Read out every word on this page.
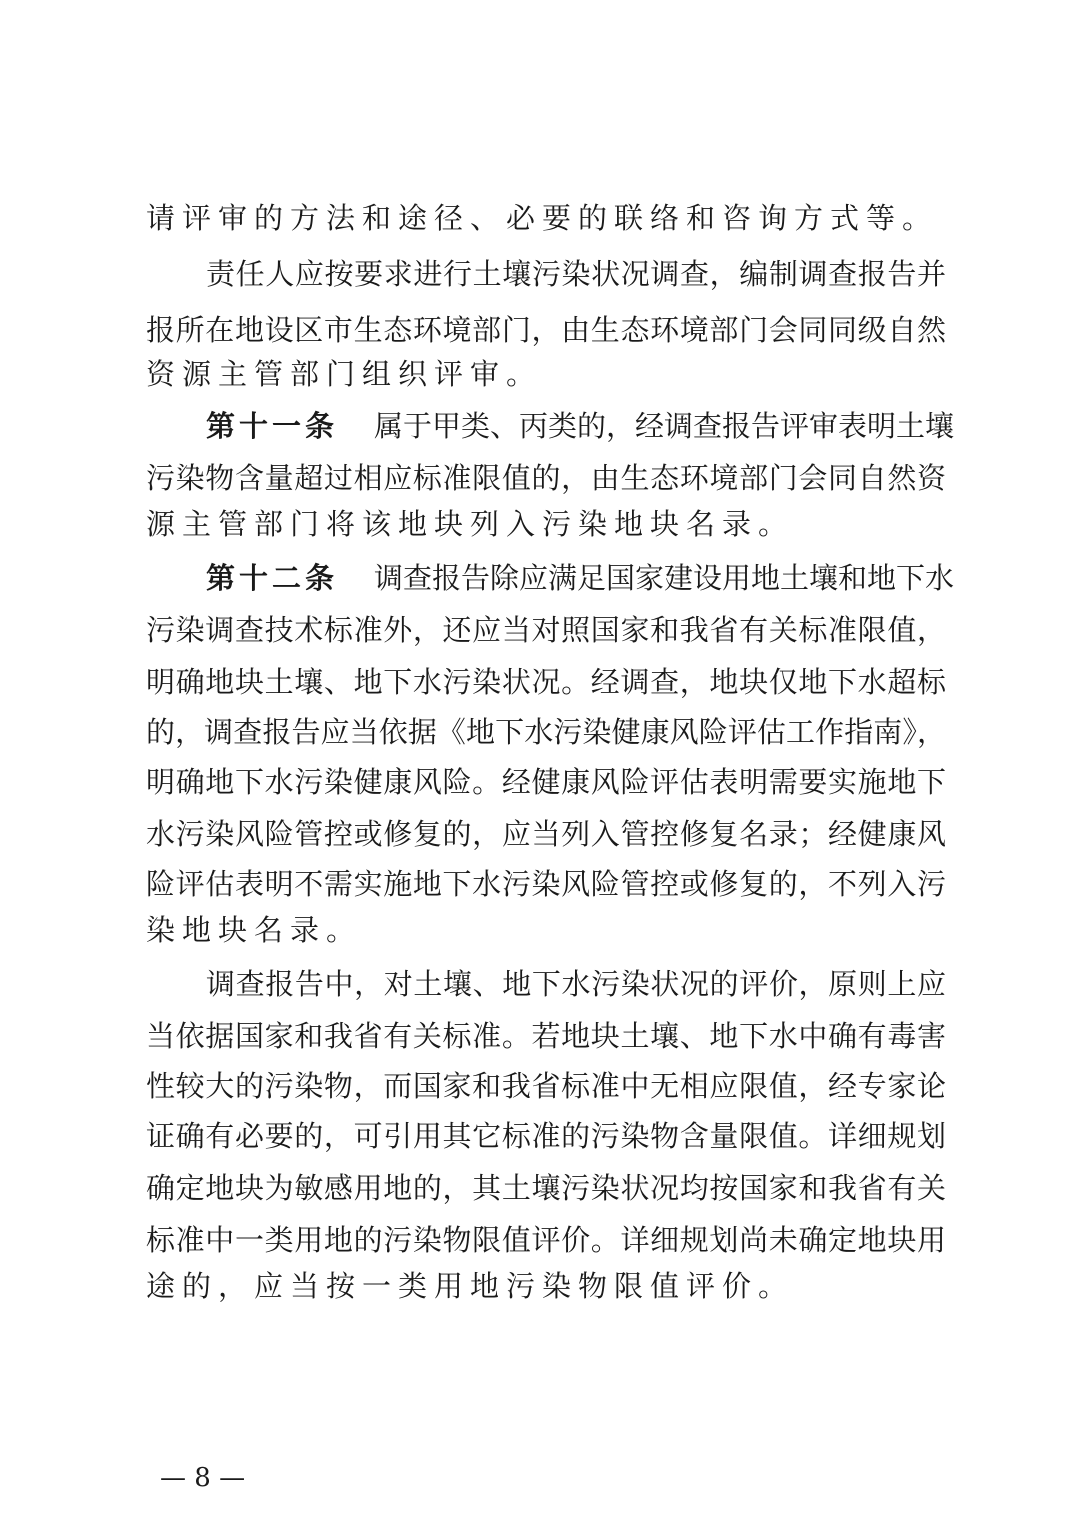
请评审的方法和途径、必要的联络和咨询方式等。
责任人应按要求进行土壤污染状况调查，编制调查报告并
报所在地设区市生态环境部门，由生态环境部门会同同级自然
资源主管部门组织评审。
第十一条 属于甲类、丙类的，经调查报告评审表明土壤
污染物含量超过相应标准限值的，由生态环境部门会同自然资
源主管部门将该地块列入污染地块名录。
第十二条 调查报告除应满足国家建设用地土壤和地下水
污染调查技术标准外，还应当对照国家和我省有关标准限值，
明确地块土壤、地下水污染状况。经调查，地块仅地下水超标
的，调查报告应当依据《地下水污染健康风险评估工作指南》，
明确地下水污染健康风险。经健康风险评估表明需要实施地下
水污染风险管控或修复的，应当列入管控修复名录；经健康风
险评估表明不需实施地下水污染风险管控或修复的，不列入污
染地块名录。
调查报告中，对土壤、地下水污染状况的评价，原则上应
当依据国家和我省有关标准。若地块土壤、地下水中确有毒害
性较大的污染物，而国家和我省标准中无相应限值，经专家论
证确有必要的，可引用其它标准的污染物含量限值。详细规划
确定地块为敏感用地的，其土壤污染状况均按国家和我省有关
标准中一类用地的污染物限值评价。详细规划尚未确定地块用
途的，应当按一类用地污染物限值评价。
— 8 —
